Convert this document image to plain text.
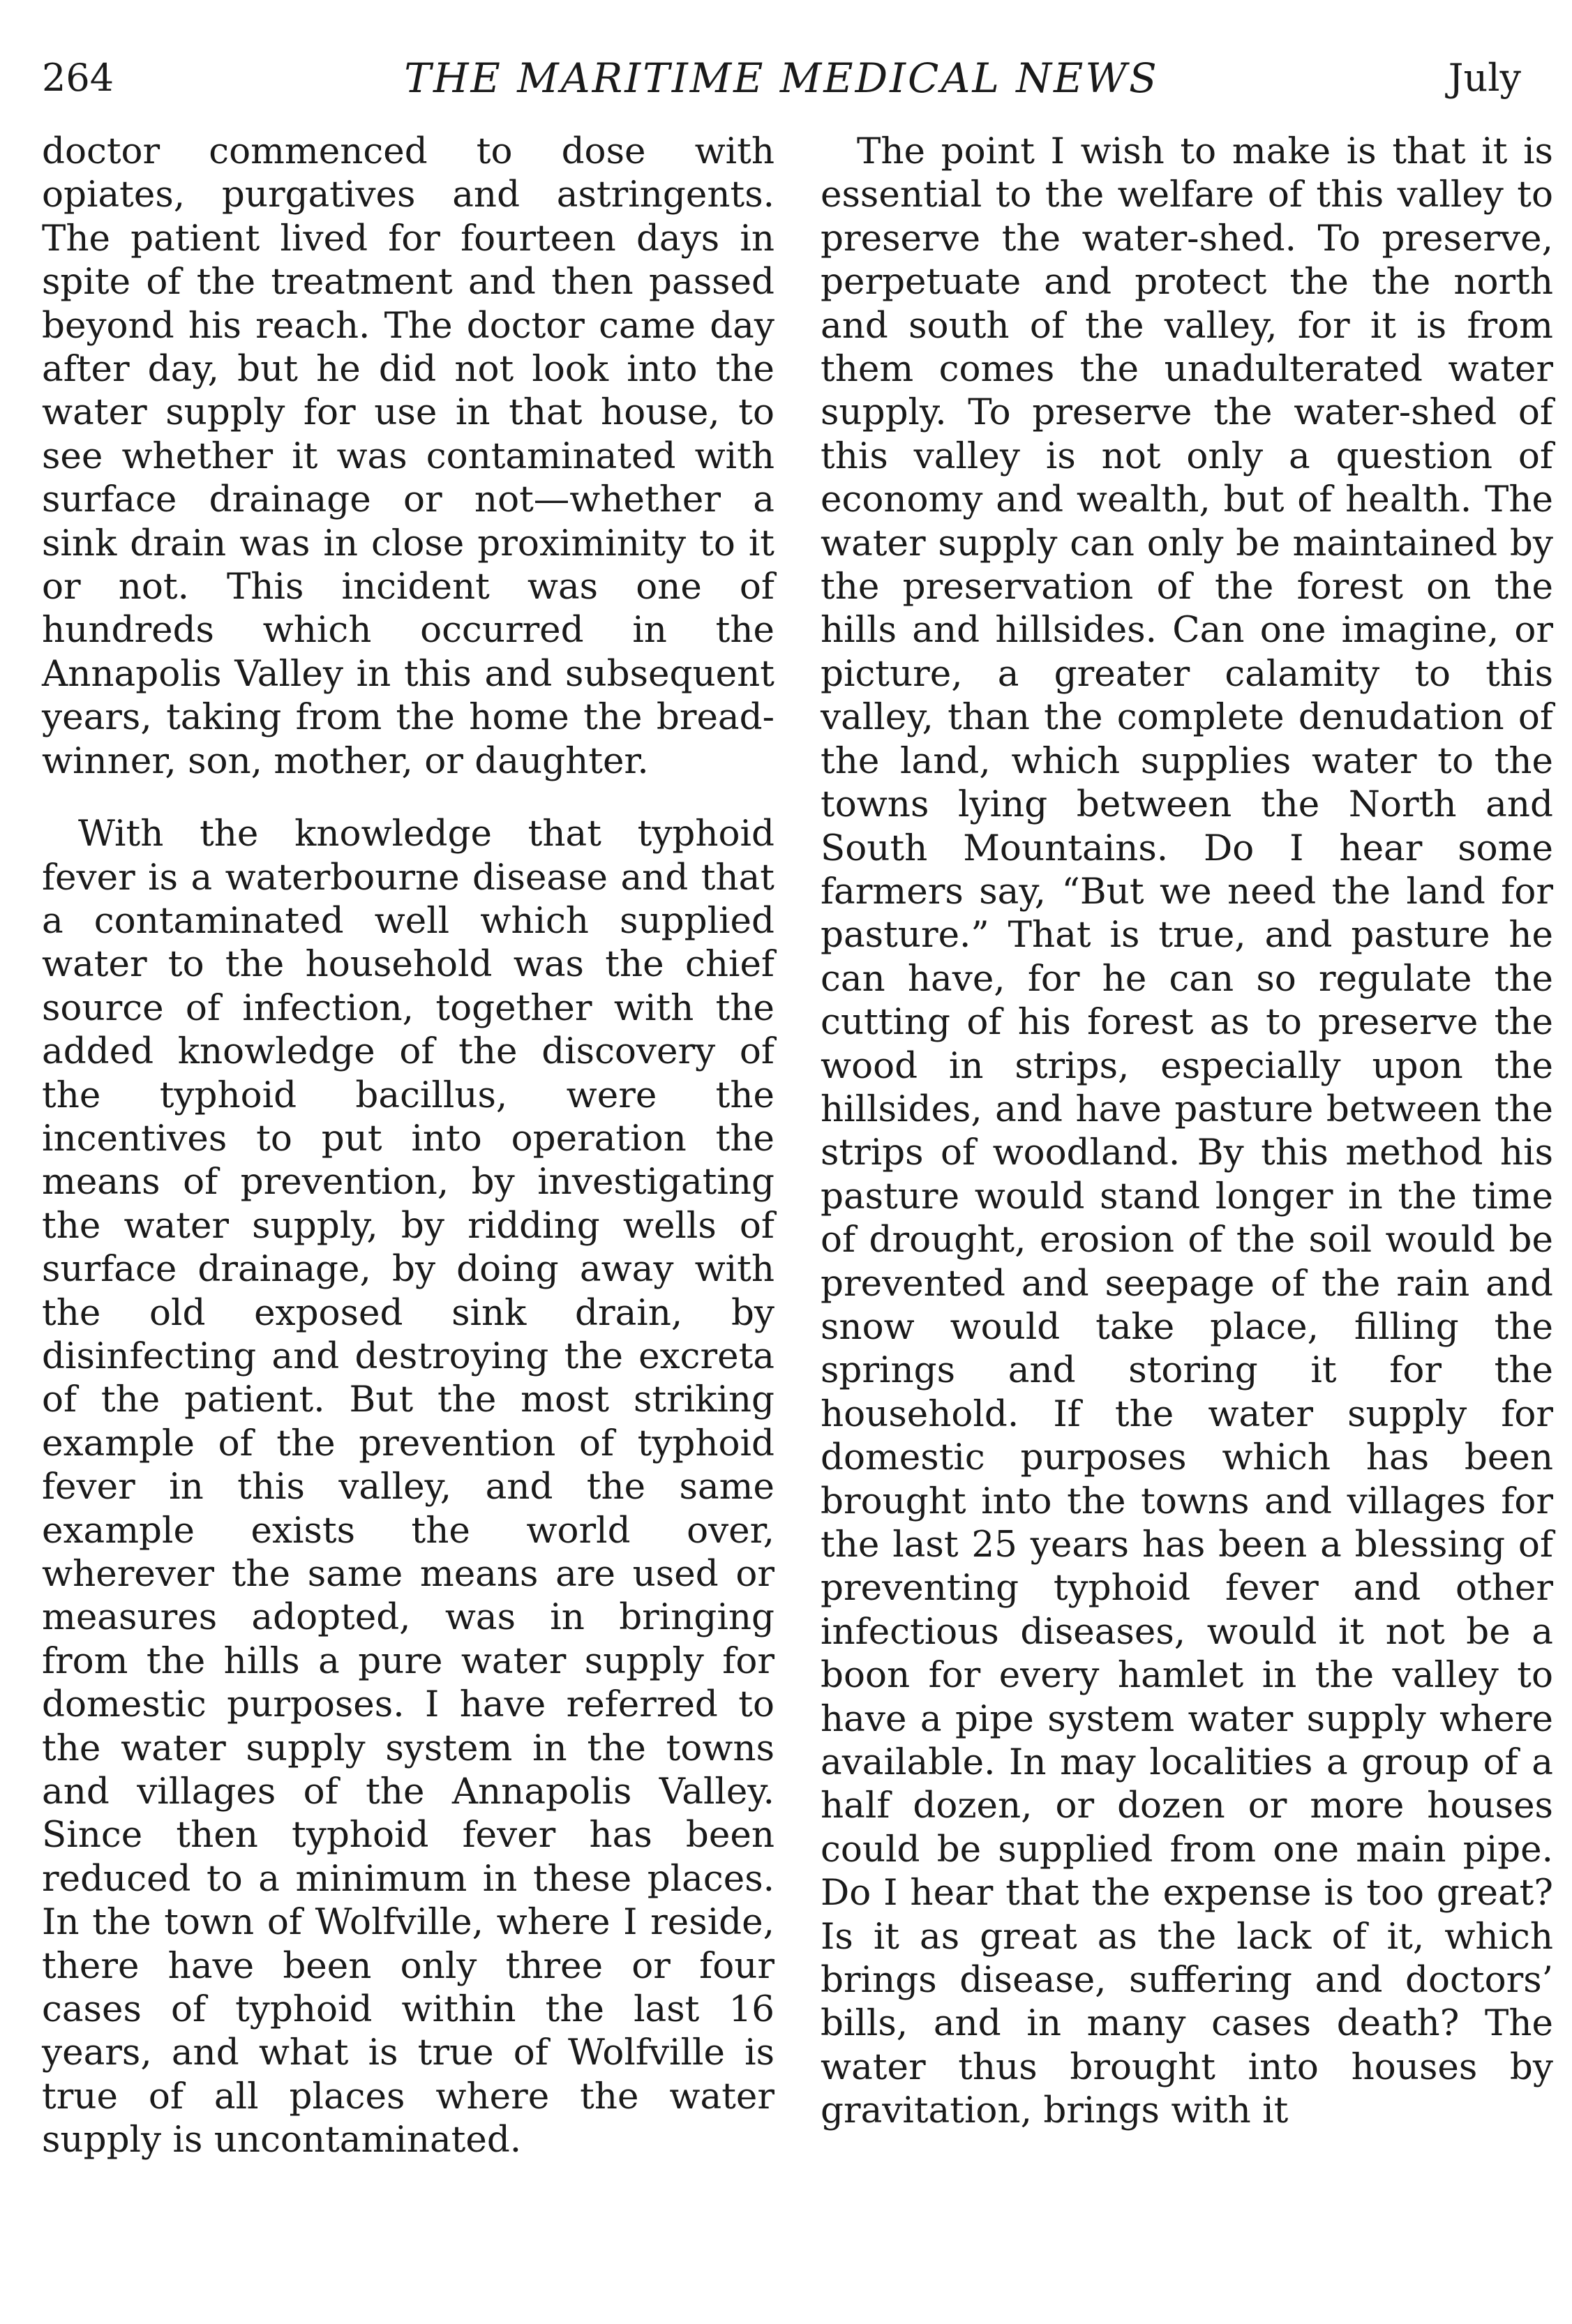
264	THE MARITIME MEDICAL NEWS	July

doctor commenced to dose with opiates, purgatives and astringents. The patient lived for fourteen days in spite of the treatment and then passed beyond his reach. The doctor came day after day, but he did not look into the water supply for use in that house, to see whether it was contaminated with surface drainage or not—whether a sink drain was in close proximinity to it or not. This incident was one of hundreds which occurred in the Annapolis Valley in this and subsequent years, taking from the home the bread-winner, son, mother, or daughter.

With the knowledge that typhoid fever is a waterbourne disease and that a contaminated well which supplied water to the household was the chief source of infection, together with the added knowledge of the discovery of the typhoid bacillus, were the incentives to put into operation the means of prevention, by investigating the water supply, by ridding wells of surface drainage, by doing away with the old exposed sink drain, by disinfecting and destroying the excreta of the patient. But the most striking example of the prevention of typhoid fever in this valley, and the same example exists the world over, wherever the same means are used or measures adopted, was in bringing from the hills a pure water supply for domestic purposes. I have referred to the water supply system in the towns and villages of the Annapolis Valley. Since then typhoid fever has been reduced to a minimum in these places. In the town of Wolfville, where I reside, there have been only three or four cases of typhoid within the last 16 years, and what is true of Wolfville is true of all places where the water supply is uncontaminated.

The point I wish to make is that it is essential to the welfare of this valley to preserve the water-shed. To preserve, perpetuate and protect the the north and south of the valley, for it is from them comes the unadulterated water supply. To preserve the water-shed of this valley is not only a question of economy and wealth, but of health. The water supply can only be maintained by the preservation of the forest on the hills and hillsides. Can one imagine, or picture, a greater calamity to this valley, than the complete denudation of the land, which supplies water to the towns lying between the North and South Mountains. Do I hear some farmers say, “But we need the land for pasture.” That is true, and pasture he can have, for he can so regulate the cutting of his forest as to preserve the wood in strips, especially upon the hillsides, and have pasture between the strips of woodland. By this method his pasture would stand longer in the time of drought, erosion of the soil would be prevented and seepage of the rain and snow would take place, filling the springs and storing it for the household. If the water supply for domestic purposes which has been brought into the towns and villages for the last 25 years has been a blessing of preventing typhoid fever and other infectious diseases, would it not be a boon for every hamlet in the valley to have a pipe system water supply where available. In may localities a group of a half dozen, or dozen or more houses could be supplied from one main pipe. Do I hear that the expense is too great? Is it as great as the lack of it, which brings disease, suffering and doctors’ bills, and in many cases death? The water thus brought into houses by gravitation, brings with it
